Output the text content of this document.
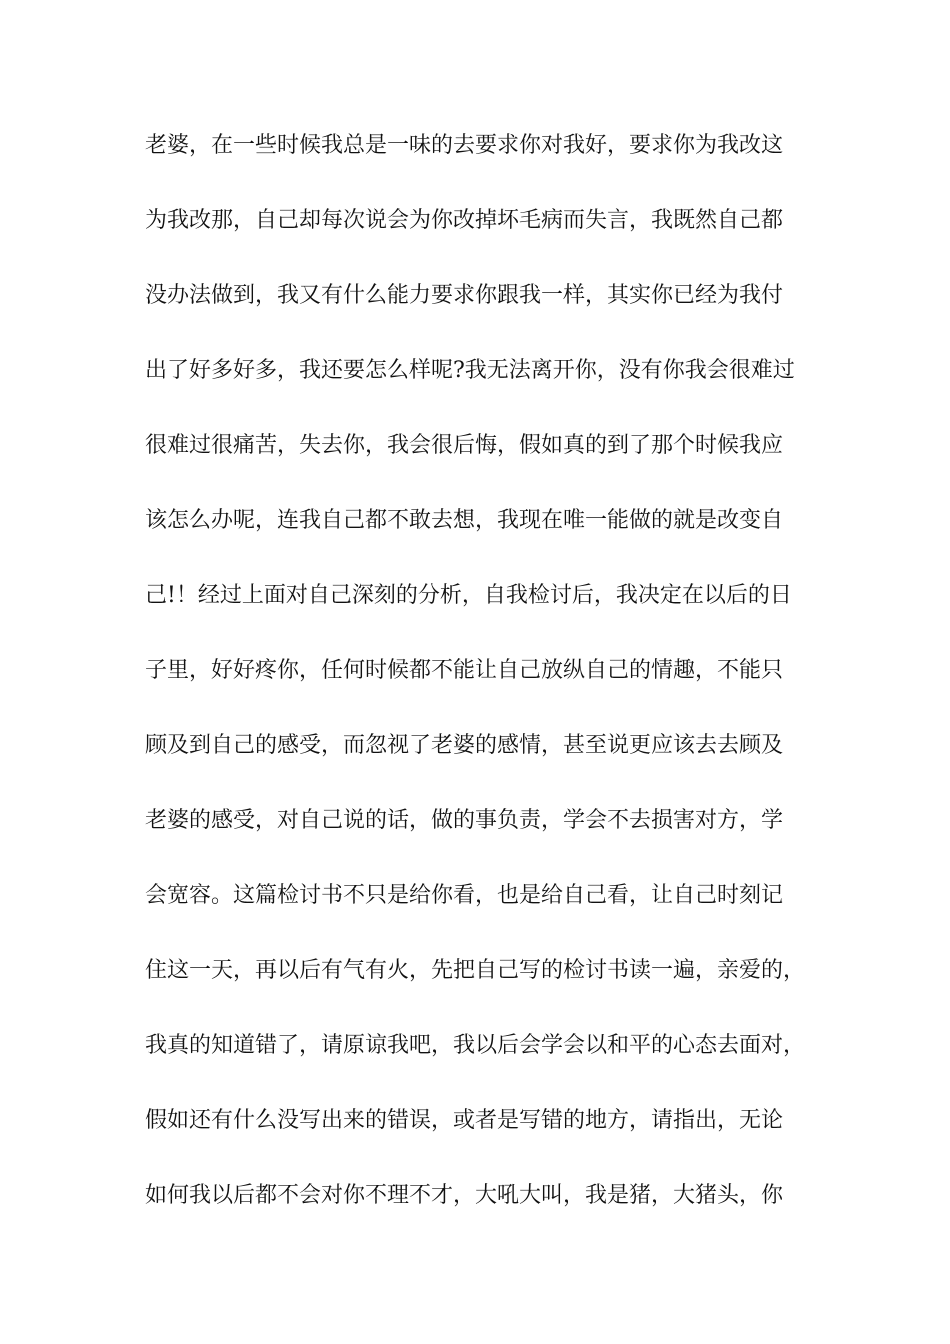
老婆，在一些时候我总是一味的去要求你对我好，要求你为我改这
为我改那，自己却每次说会为你改掉坏毛病而失言，我既然自己都
没办法做到，我又有什么能力要求你跟我一样，其实你已经为我付
出了好多好多，我还要怎么样呢?我无法离开你，没有你我会很难过
很难过很痛苦，失去你，我会很后悔，假如真的到了那个时候我应
该怎么办呢，连我自己都不敢去想，我现在唯一能做的就是改变自
己!！经过上面对自己深刻的分析，自我检讨后，我决定在以后的日
子里，好好疼你，任何时候都不能让自己放纵自己的情趣，不能只
顾及到自己的感受，而忽视了老婆的感情，甚至说更应该去去顾及
老婆的感受，对自己说的话，做的事负责，学会不去损害对方，学
会宽容。这篇检讨书不只是给你看，也是给自己看，让自己时刻记
住这一天，再以后有气有火，先把自己写的检讨书读一遍，亲爱的，
我真的知道错了，请原谅我吧，我以后会学会以和平的心态去面对，
假如还有什么没写出来的错误，或者是写错的地方，请指出，无论
如何我以后都不会对你不理不才，大吼大叫，我是猪，大猪头，你
